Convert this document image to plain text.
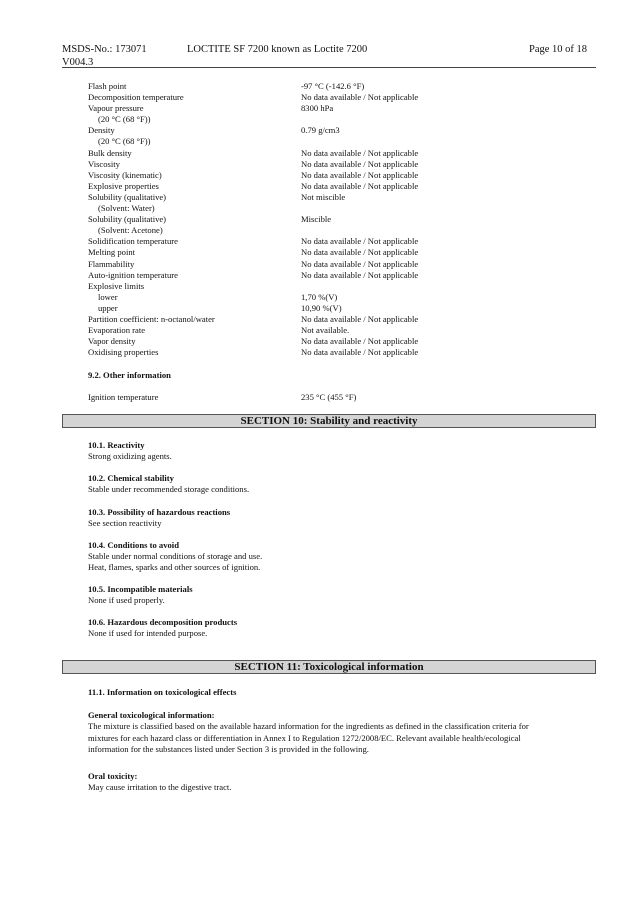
MSDS-No.: 173071
V004.3
LOCTITE SF 7200 known as Loctite 7200	Page 10 of 18
Flash point	-97 °C (-142.6 °F)
Decomposition temperature	No data available / Not applicable
Vapour pressure	8300 hPa
(20 °C (68 °F))
Density	0.79 g/cm3
(20 °C (68 °F))
Bulk density	No data available / Not applicable
Viscosity	No data available / Not applicable
Viscosity (kinematic)	No data available / Not applicable
Explosive properties	No data available / Not applicable
Solubility (qualitative)	Not miscible
(Solvent: Water)
Solubility (qualitative)	Miscible
(Solvent: Acetone)
Solidification temperature	No data available / Not applicable
Melting point	No data available / Not applicable
Flammability	No data available / Not applicable
Auto-ignition temperature	No data available / Not applicable
Explosive limits
lower	1,70 %(V)
upper	10,90 %(V)
Partition coefficient: n-octanol/water	No data available / Not applicable
Evaporation rate	Not available.
Vapor density	No data available / Not applicable
Oxidising properties	No data available / Not applicable
9.2. Other information
Ignition temperature	235 °C (455 °F)
SECTION 10: Stability and reactivity
10.1. Reactivity
Strong oxidizing agents.
10.2. Chemical stability
Stable under recommended storage conditions.
10.3. Possibility of hazardous reactions
See section reactivity
10.4. Conditions to avoid
Stable under normal conditions of storage and use.
Heat, flames, sparks and other sources of ignition.
10.5. Incompatible materials
None if used properly.
10.6. Hazardous decomposition products
None if used for intended purpose.
SECTION 11: Toxicological information
11.1. Information on toxicological effects
General toxicological information:
The mixture is classified based on the available hazard information for the ingredients as defined in the classification criteria for
mixtures for each hazard class or differentiation in Annex I to Regulation 1272/2008/EC. Relevant available health/ecological
information for the substances listed under Section 3 is provided in the following.
Oral toxicity:
May cause irritation to the digestive tract.
